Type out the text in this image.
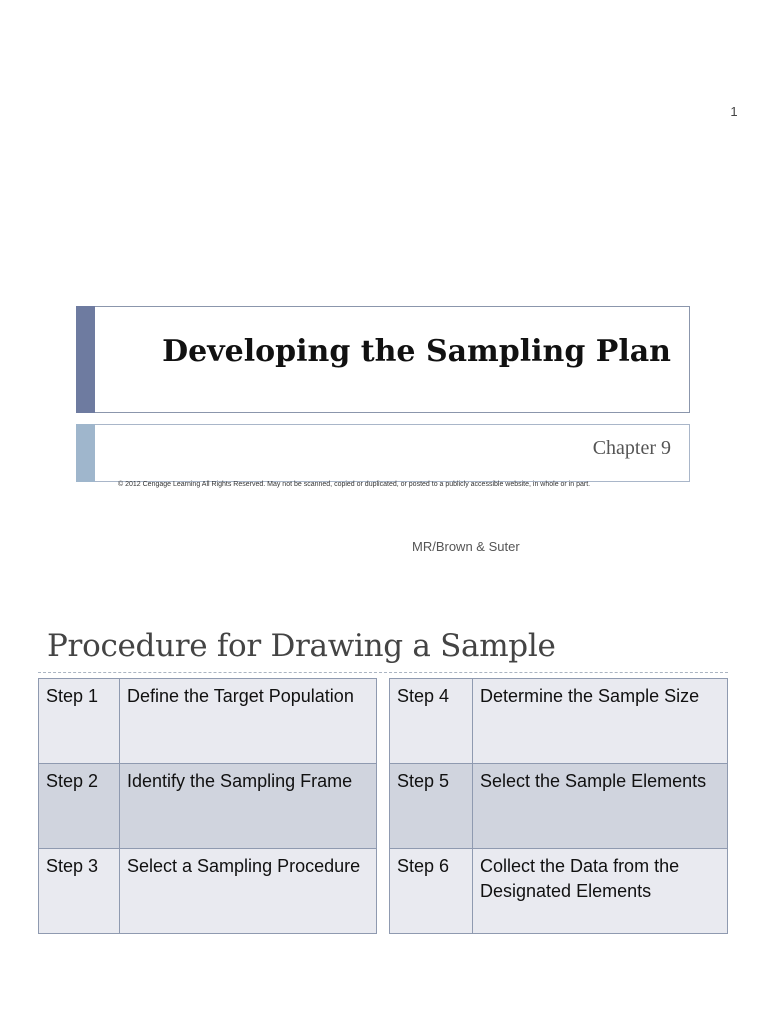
1
Developing the Sampling Plan
Chapter 9
© 2012 Cengage Learning All Rights Reserved. May not be scanned, copied or duplicated, or posted to a publicly accessible website, in whole or in part.
MR/Brown & Suter
Procedure for Drawing a Sample
Step 1	Define the Target Population
Step 2	Identify the Sampling Frame
Step 3	Select a Sampling Procedure
Step 4	Determine the Sample Size
Step 5	Select the Sample Elements
Step 6	Collect the Data from the Designated Elements
